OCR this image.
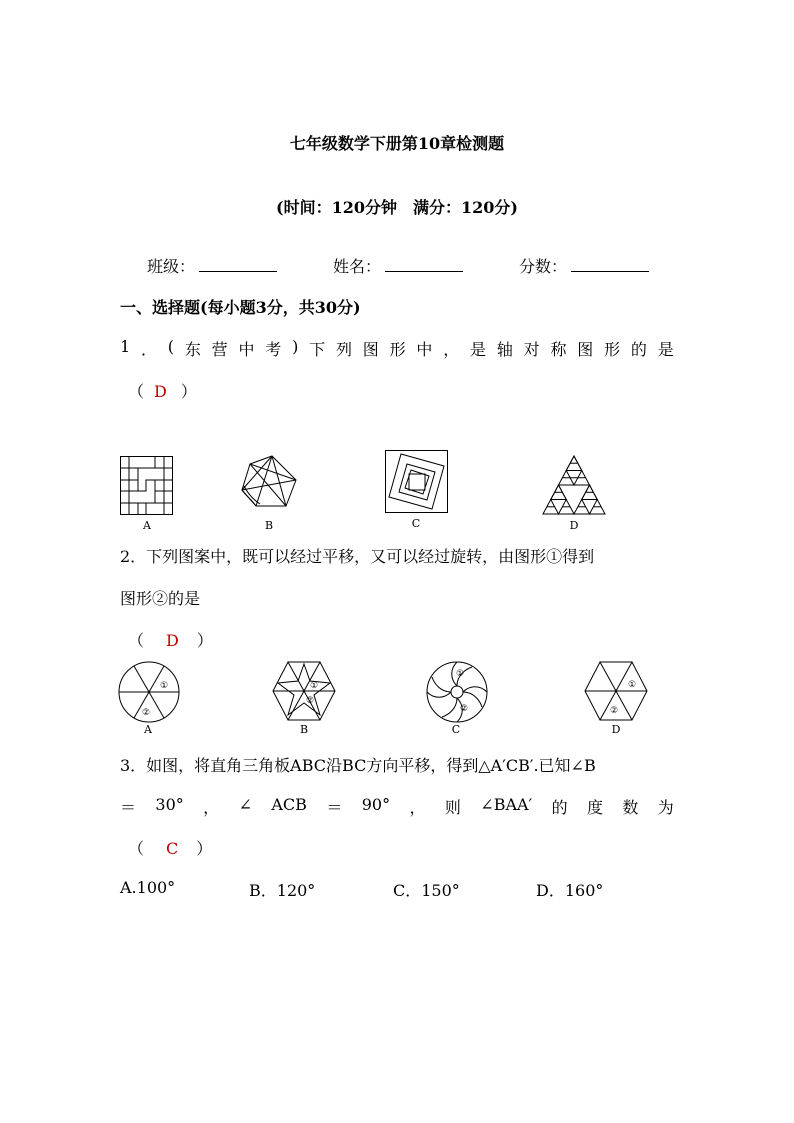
七年级数学下册第10章检测题
(时间：120分钟　满分：120分)
班级：	姓名：	分数：
一、选择题(每小题3分，共30分)
1 ． ( 东 营 中 考 ) 下 列 图 形 中 ， 是 轴 对 称 图 形 的 是
（ D ）
A	B	C	D
2．下列图案中，既可以经过平移，又可以经过旋转，由图形①得到
图形②的是
（ D ）
①
②
A
①
②
B
①
②
C
①
②
D
3．如图，将直角三角板ABC沿BC方向平移，得到△A′CB′.已知∠B
＝ 30° ， ∠ ACB ＝ 90° ， 则 ∠BAA′ 的 度 数 为
（ C ）
A.100°	B．120°	C．150°	D．160°
